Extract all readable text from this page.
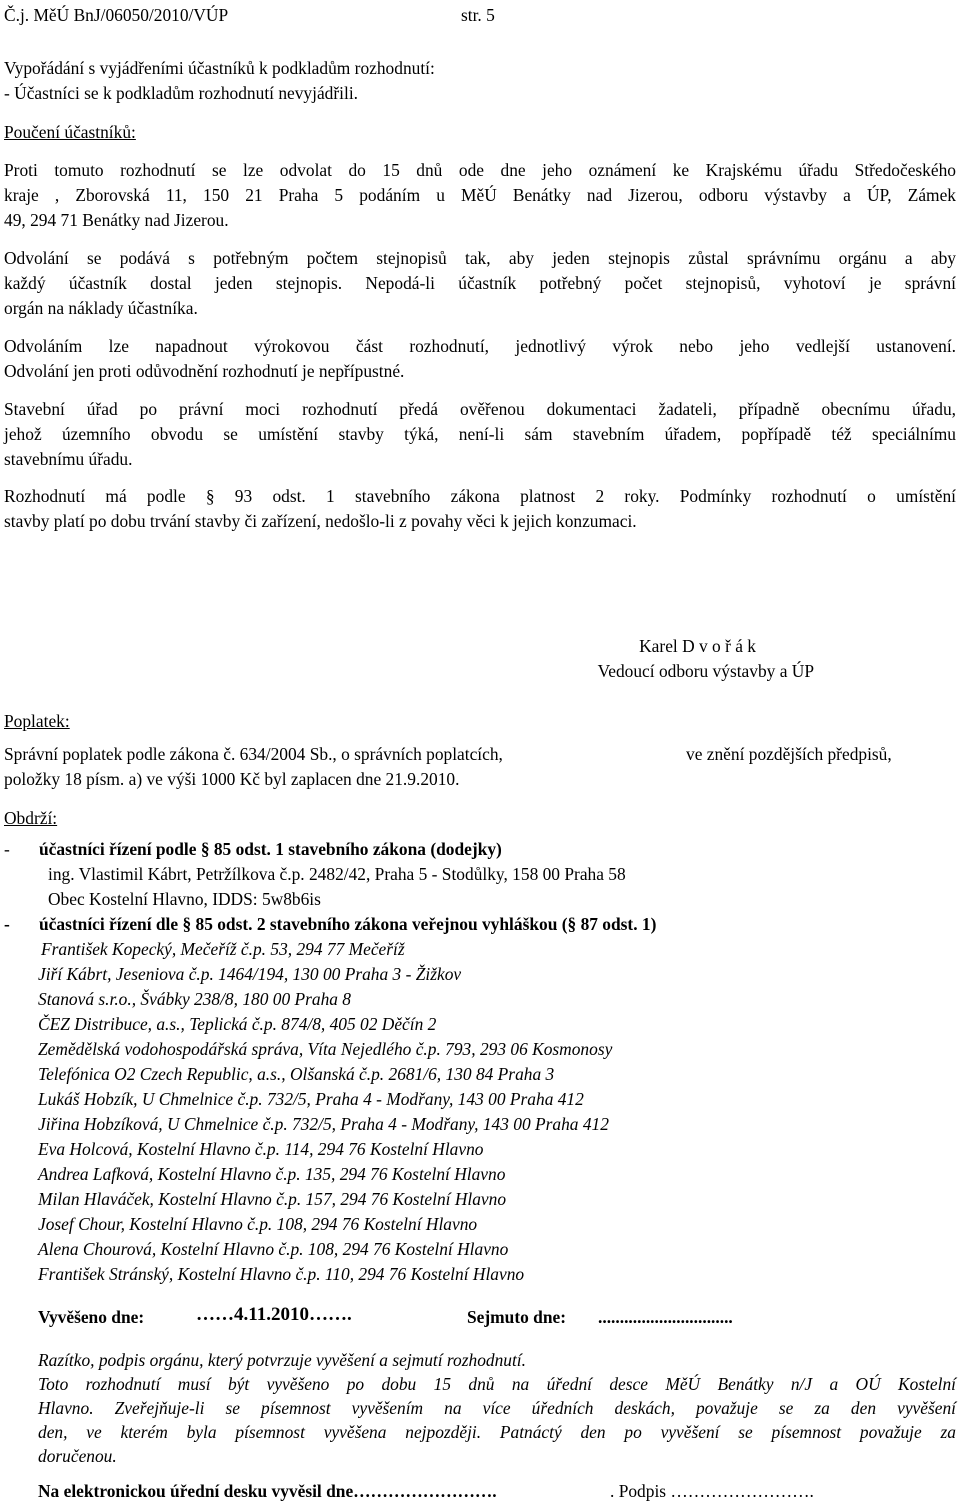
Č.j. MěÚ BnJ/06050/2010/VÚP	str. 5
Vypořádání s vyjádřeními účastníků k podkladům rozhodnutí:
- Účastníci se k podkladům rozhodnutí nevyjádřili.
Poučení účastníků:
Proti tomuto rozhodnutí se lze odvolat do 15 dnů ode dne jeho oznámení ke Krajskému úřadu Středočeského
kraje , Zborovská 11, 150 21 Praha 5 podáním u MěÚ Benátky nad Jizerou, odboru výstavby a ÚP, Zámek
49, 294 71 Benátky nad Jizerou.
Odvolání se podává s potřebným počtem stejnopisů tak, aby jeden stejnopis zůstal správnímu orgánu a aby
každý účastník dostal jeden stejnopis. Nepodá-li účastník potřebný počet stejnopisů, vyhotoví je správní
orgán na náklady účastníka.
Odvoláním lze napadnout výrokovou část rozhodnutí, jednotlivý výrok nebo jeho vedlejší ustanovení.
Odvolání jen proti odůvodnění rozhodnutí je nepřípustné.
Stavební úřad po právní moci rozhodnutí předá ověřenou dokumentaci žadateli, případně obecnímu úřadu,
jehož územního obvodu se umístění stavby týká, není-li sám stavebním úřadem, popřípadě též speciálnímu
stavebnímu úřadu.
Rozhodnutí má podle § 93 odst. 1 stavebního zákona platnost 2 roky. Podmínky rozhodnutí o umístění
stavby platí po dobu trvání stavby či zařízení, nedošlo-li z povahy věci k jejich konzumaci.
Karel D v o ř á k
Vedoucí odboru výstavby a ÚP
Poplatek:
Správní poplatek podle zákona č. 634/2004 Sb., o správních poplatcích,	ve znění pozdějších předpisů,
položky 18 písm. a) ve výši 1000 Kč byl zaplacen dne 21.9.2010.
Obdrží:
- účastníci řízení podle § 85 odst. 1 stavebního zákona (dodejky)
ing. Vlastimil Kábrt, Petržílkova č.p. 2482/42, Praha 5 - Stodůlky, 158 00 Praha 58
Obec Kostelní Hlavno, IDDS: 5w8b6is
- účastníci řízení dle § 85 odst. 2 stavebního zákona veřejnou vyhláškou (§ 87 odst. 1)
František Kopecký, Mečeříž č.p. 53, 294 77 Mečeříž
Jiří Kábrt, Jeseniova č.p. 1464/194, 130 00 Praha 3 - Žižkov
Stanová s.r.o., Švábky 238/8, 180 00 Praha 8
ČEZ Distribuce, a.s., Teplická č.p. 874/8, 405 02 Děčín 2
Zemědělská vodohospodářská správa, Víta Nejedlého č.p. 793, 293 06 Kosmonosy
Telefónica O2 Czech Republic, a.s., Olšanská č.p. 2681/6, 130 84 Praha 3
Lukáš Hobzík, U Chmelnice č.p. 732/5, Praha 4 - Modřany, 143 00 Praha 412
Jiřina Hobzíková, U Chmelnice č.p. 732/5, Praha 4 - Modřany, 143 00 Praha 412
Eva Holcová, Kostelní Hlavno č.p. 114, 294 76 Kostelní Hlavno
Andrea Lafková, Kostelní Hlavno č.p. 135, 294 76 Kostelní Hlavno
Milan Hlaváček, Kostelní Hlavno č.p. 157, 294 76 Kostelní Hlavno
Josef Chour, Kostelní Hlavno č.p. 108, 294 76 Kostelní Hlavno
Alena Chourová, Kostelní Hlavno č.p. 108, 294 76 Kostelní Hlavno
František Stránský, Kostelní Hlavno č.p. 110, 294 76 Kostelní Hlavno
Vyvěšeno dne:	……4.11.2010…….	Sejmuto dne: ...............................
Razítko, podpis orgánu, který potvrzuje vyvěšení a sejmutí rozhodnutí.
Toto rozhodnutí musí být vyvěšeno po dobu 15 dnů na úřední desce MěÚ Benátky n/J a OÚ Kostelní
Hlavno. Zveřejňuje-li se písemnost vyvěšením na více úředních deskách, považuje se za den vyvěšení
den, ve kterém byla písemnost vyvěšena nejpozději. Patnáctý den po vyvěšení se písemnost považuje za
doručenou.
Na elektronickou úřední desku vyvěsil dne…………………….	. Podpis …………………….
